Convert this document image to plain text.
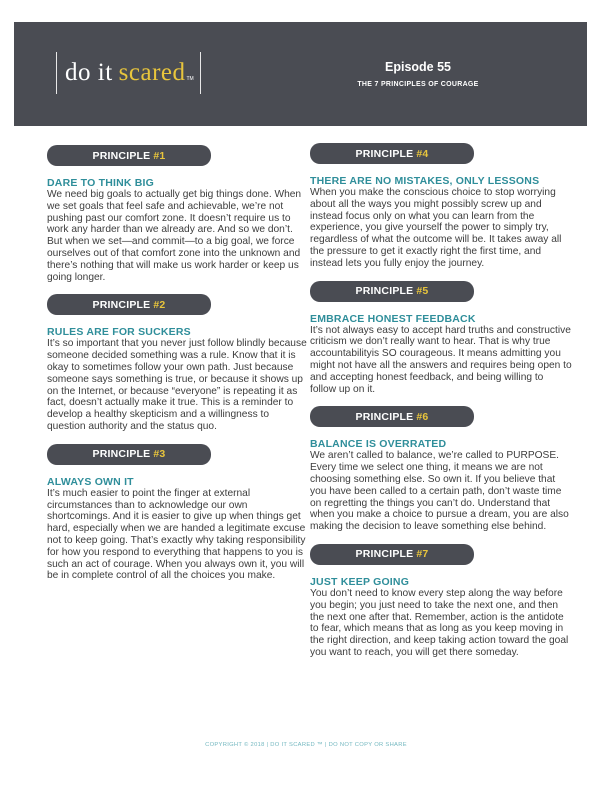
do it scared TM
Episode 55
THE 7 PRINCIPLES OF COURAGE
PRINCIPLE #1
DARE TO THINK BIG

We need big goals to actually get big things done. When we set goals that feel safe and achievable, we’re not pushing past our comfort zone. It doesn’t require us to work any harder than we already are. And so we don’t. But when we set—and commit—to a big goal, we force ourselves out of that comfort zone into the unknown and there’s nothing that will make us work harder or keep us going longer.

PRINCIPLE #2
RULES ARE FOR SUCKERS

It’s so important that you never just follow blindly because someone decided something was a rule. Know that it is okay to sometimes follow your own path. Just because someone says something is true, or because it shows up on the Internet, or because “everyone” is repeating it as fact, doesn’t actually make it true. This is a reminder to develop a healthy skepticism and a willingness to question authority and the status quo.

PRINCIPLE #3
ALWAYS OWN IT

It’s much easier to point the finger at external circumstances than to acknowledge our own shortcomings. And it is easier to give up when things get hard, especially when we are handed a legitimate excuse not to keep going. That’s exactly why taking responsibility for how you respond to everything that happens to you is such an act of courage. When you always own it, you will be in complete control of all the choices you make.

PRINCIPLE #4
THERE ARE NO MISTAKES, ONLY LESSONS

When you make the conscious choice to stop worrying about all the ways you might possibly screw up and instead focus only on what you can learn from the experience, you give yourself the power to simply try, regardless of what the outcome will be. It takes away all the pressure to get it exactly right the first time, and instead lets you fully enjoy the journey.

PRINCIPLE #5
EMBRACE HONEST FEEDBACK

It’s not always easy to accept hard truths and constructive criticism we don’t really want to hear. That is why true accountabilityis SO courageous. It means admitting you might not have all the answers and requires being open to and accepting honest feedback, and being willing to follow up on it.

PRINCIPLE #6
BALANCE IS OVERRATED

We aren’t called to balance, we’re called to PURPOSE. Every time we select one thing, it means we are not choosing something else. So own it. If you believe that you have been called to a certain path, don’t waste time on regretting the things you can’t do. Understand that when you make a choice to pursue a dream, you are also making the decision to leave something else behind.

PRINCIPLE #7
JUST KEEP GOING

You don’t need to know every step along the way before you begin; you just need to take the next one, and then the next one after that. Remember, action is the antidote to fear, which means that as long as you keep moving in the right direction, and keep taking action toward the goal you want to reach, you will get there someday.

COPYRIGHT © 2018 | DO IT SCARED ™ | DO NOT COPY OR SHARE
